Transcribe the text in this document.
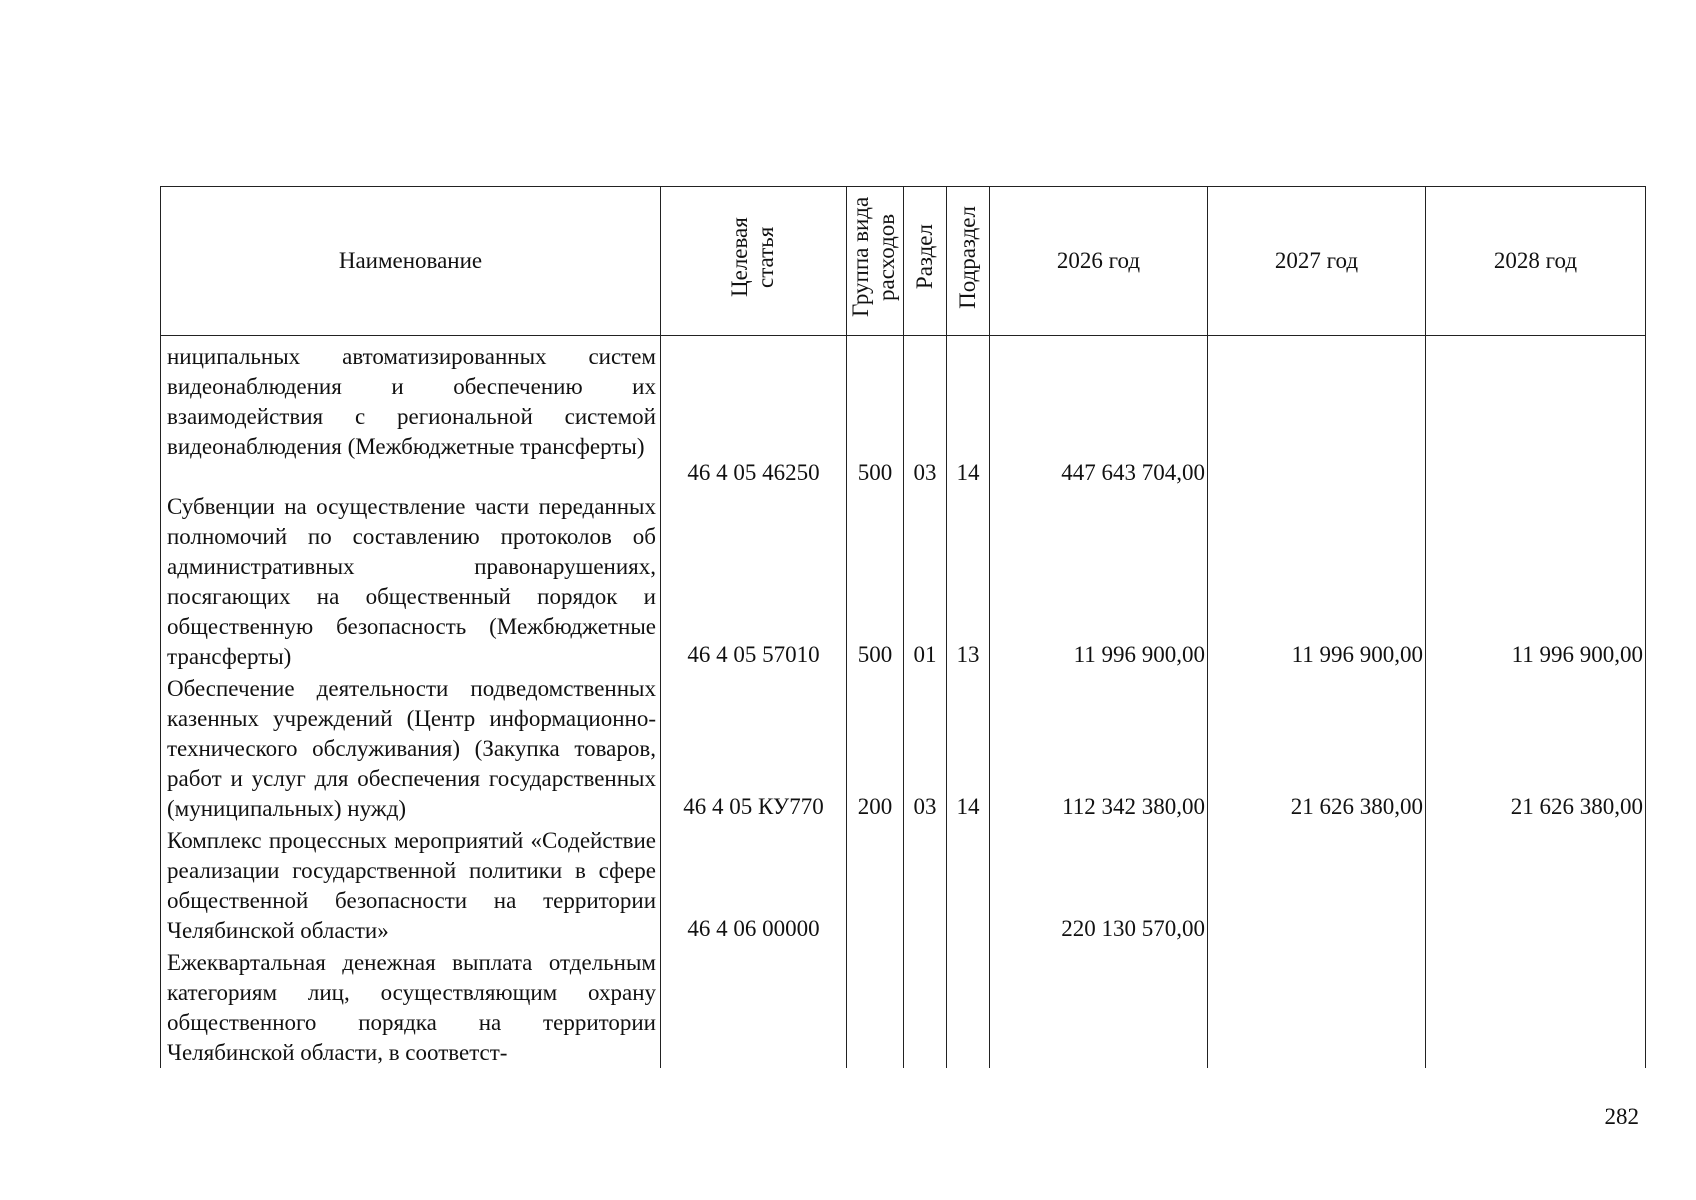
Наименование	Целевая статья	Группа вида расходов	Раздел	Подраздел	2026 год	2027 год	2028 год
ниципальных автоматизированных систем видеонаблюдения и обеспечению их взаимодействия с региональной системой видеонаблюдения (Межбюджетные трансферты)	46 4 05 46250	500	03	14	447 643 704,00		
Субвенции на осуществление части переданных полномочий по составлению протоколов об административных правонарушениях, посягающих на общественный порядок и общественную безопасность (Межбюджетные трансферты)	46 4 05 57010	500	01	13	11 996 900,00	11 996 900,00	11 996 900,00
Обеспечение деятельности подведомственных казенных учреждений (Центр информационно-технического обслуживания) (Закупка товаров, работ и услуг для обеспечения государственных (муниципальных) нужд)	46 4 05 КУ770	200	03	14	112 342 380,00	21 626 380,00	21 626 380,00
Комплекс процессных мероприятий «Содействие реализации государственной политики в сфере общественной безопасности на территории Челябинской области»	46 4 06 00000				220 130 570,00		
Ежеквартальная денежная выплата отдельным категориям лиц, осуществляющим охрану общественного порядка на территории Челябинской области, в соответст-							
282
